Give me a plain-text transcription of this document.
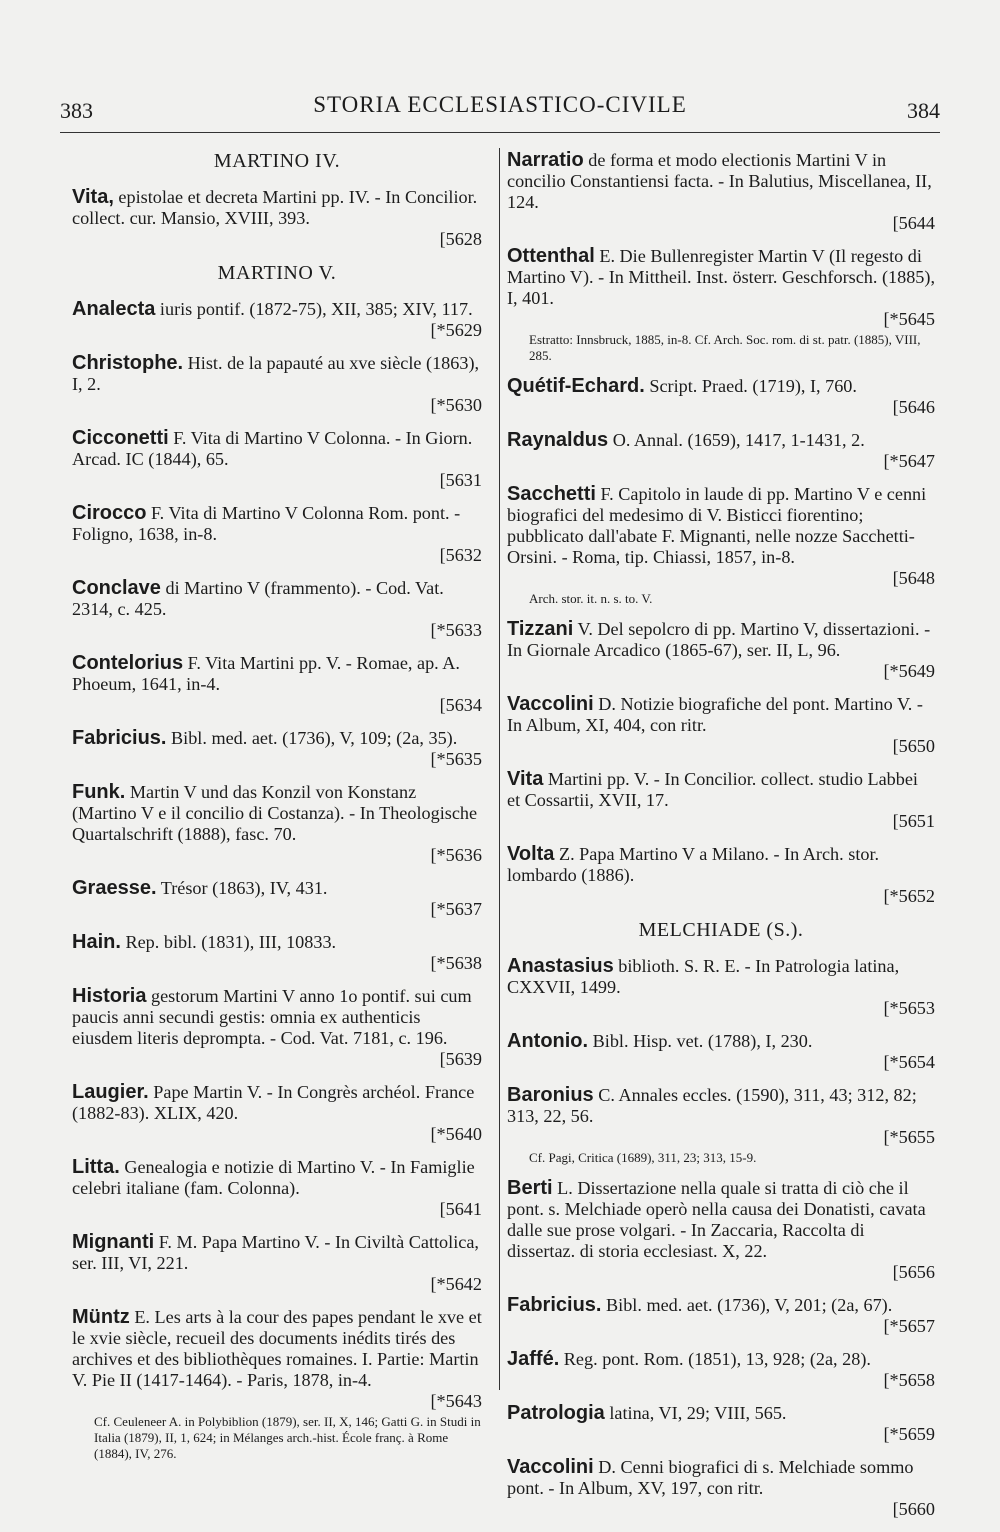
383	STORIA ECCLESIASTICO-CIVILE	384
MARTINO IV.
Vita, epistolae et decreta Martini pp. IV. - In Concilior. collect. cur. Mansio, XVIII, 393.
[5628
MARTINO V.
Analecta iuris pontif. (1872-75), XII, 385; XIV, 117.
[*5629
Christophe. Hist. de la papauté au xve siècle (1863), I, 2.
[*5630
Cicconetti F. Vita di Martino V Colonna. - In Giorn. Arcad. IC (1844), 65.
[5631
Cirocco F. Vita di Martino V Colonna Rom. pont. - Foligno, 1638, in-8.
[5632
Conclave di Martino V (frammento). - Cod. Vat. 2314, c. 425.
[*5633
Contelorius F. Vita Martini pp. V. - Romae, ap. A. Phoeum, 1641, in-4.
[5634
Fabricius. Bibl. med. aet. (1736), V, 109; (2a, 35).
[*5635
Funk. Martin V und das Konzil von Konstanz (Martino V e il concilio di Costanza). - In Theologische Quartalschrift (1888), fasc. 70.
[*5636
Graesse. Trésor (1863), IV, 431.
[*5637
Hain. Rep. bibl. (1831), III, 10833.
[*5638
Historia gestorum Martini V anno 1o pontif. sui cum paucis anni secundi gestis: omnia ex authenticis eiusdem literis deprompta. - Cod. Vat. 7181, c. 196.
[5639
Laugier. Pape Martin V. - In Congrès archéol. France (1882-83). XLIX, 420.
[*5640
Litta. Genealogia e notizie di Martino V. - In Famiglie celebri italiane (fam. Colonna).
[5641
Mignanti F. M. Papa Martino V. - In Civiltà Cattolica, ser. III, VI, 221.
[*5642
Müntz E. Les arts à la cour des papes pendant le xve et le xvie siècle, recueil des documents inédits tirés des archives et des bibliothèques romaines. I. Partie: Martin V. Pie II (1417-1464). - Paris, 1878, in-4.
[*5643
Cf. Ceuleneer A. in Polybiblion (1879), ser. II, X, 146; Gatti G. in Studi in Italia (1879), II, 1, 624; in Mélanges arch.-hist. École franç. à Rome (1884), IV, 276.
Narratio de forma et modo electionis Martini V in concilio Constantiensi facta. - In Balutius, Miscellanea, II, 124.
[5644
Ottenthal E. Die Bullenregister Martin V (Il regesto di Martino V). - In Mittheil. Inst. österr. Geschforsch. (1885), I, 401.
[*5645
Estratto: Innsbruck, 1885, in-8. Cf. Arch. Soc. rom. di st. patr. (1885), VIII, 285.
Quétif-Echard. Script. Praed. (1719), I, 760.
[5646
Raynaldus O. Annal. (1659), 1417, 1-1431, 2.
[*5647
Sacchetti F. Capitolo in laude di pp. Martino V e cenni biografici del medesimo di V. Bisticci fiorentino; pubblicato dall'abate F. Mignanti, nelle nozze Sacchetti-Orsini. - Roma, tip. Chiassi, 1857, in-8.
[5648
Arch. stor. it. n. s. to. V.
Tizzani V. Del sepolcro di pp. Martino V, dissertazioni. - In Giornale Arcadico (1865-67), ser. II, L, 96.
[*5649
Vaccolini D. Notizie biografiche del pont. Martino V. - In Album, XI, 404, con ritr.
[5650
Vita Martini pp. V. - In Concilior. collect. studio Labbei et Cossartii, XVII, 17.
[5651
Volta Z. Papa Martino V a Milano. - In Arch. stor. lombardo (1886).
[*5652
MELCHIADE (S.).
Anastasius biblioth. S. R. E. - In Patrologia latina, CXXVII, 1499.
[*5653
Antonio. Bibl. Hisp. vet. (1788), I, 230.
[*5654
Baronius C. Annales eccles. (1590), 311, 43; 312, 82; 313, 22, 56.
[*5655
Cf. Pagi, Critica (1689), 311, 23; 313, 15-9.
Berti L. Dissertazione nella quale si tratta di ciò che il pont. s. Melchiade operò nella causa dei Donatisti, cavata dalle sue prose volgari. - In Zaccaria, Raccolta di dissertaz. di storia ecclesiast. X, 22.
[5656
Fabricius. Bibl. med. aet. (1736), V, 201; (2a, 67).
[*5657
Jaffé. Reg. pont. Rom. (1851), 13, 928; (2a, 28).
[*5658
Patrologia latina, VI, 29; VIII, 565.
[*5659
Vaccolini D. Cenni biografici di s. Melchiade sommo pont. - In Album, XV, 197, con ritr.
[5660
